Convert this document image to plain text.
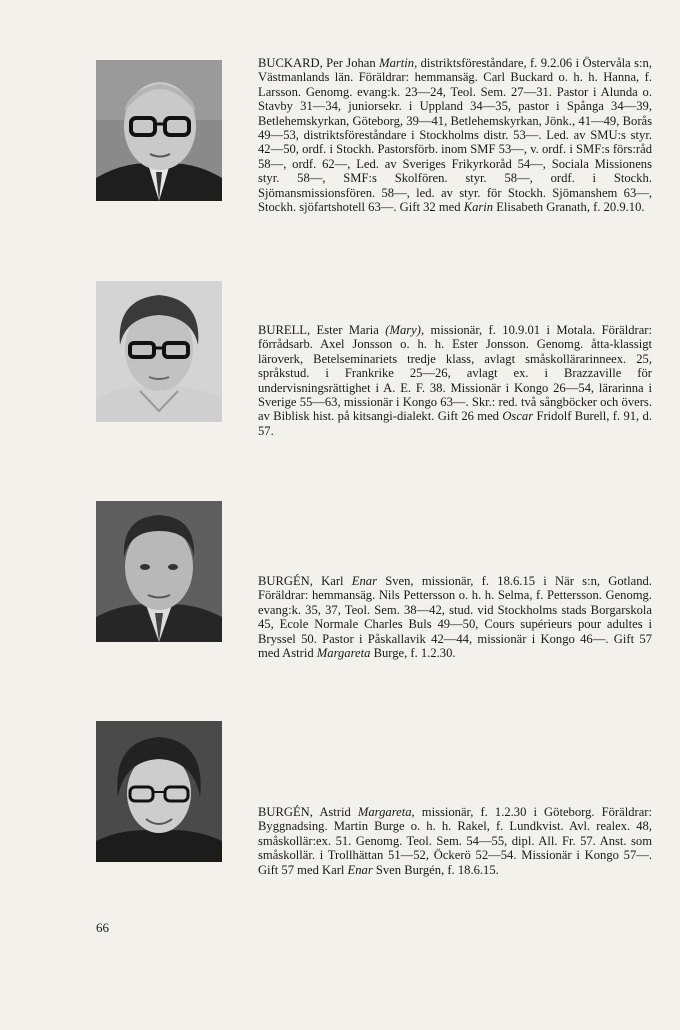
BUCKARD, Per Johan Martin, distriktsföreståndare, f. 9.2.06 i Östervåla s:n, Västmanlands län. Föräldrar: hemmansäg. Carl Buckard o. h. h. Hanna, f. Larsson. Genomg. evang:k. 23—24, Teol. Sem. 27—31. Pastor i Alunda o. Stavby 31—34, juniorsekr. i Uppland 34—35, pastor i Spånga 34—39, Betlehemskyrkan, Göteborg, 39—41, Betlehemskyrkan, Jönk., 41—49, Borås 49—53, distriktsföreståndare i Stockholms distr. 53—. Led. av SMU:s styr. 42—50, ordf. i Stockh. Pastorsförb. inom SMF 53—, v. ordf. i SMF:s förs:råd 58—, ordf. 62—, Led. av Sveriges Frikyrkoråd 54—, Sociala Missionens styr. 58—, SMF:s Skolfören. styr. 58—, ordf. i Stockh. Sjömansmissionsfören. 58—, led. av styr. för Stockh. Sjömanshem 63—, Stockh. sjöfartshotell 63—. Gift 32 med Karin Elisabeth Granath, f. 20.9.10.

BURELL, Ester Maria (Mary), missionär, f. 10.9.01 i Motala. Föräldrar: förrådsarb. Axel Jonsson o. h. h. Ester Jonsson. Genomg. åtta-klassigt läroverk, Betelseminariets tredje klass, avlagt småskollärarinneex. 25, språkstud. i Frankrike 25—26, avlagt ex. i Brazzaville för undervisningsrättighet i A. E. F. 38. Missionär i Kongo 26—54, lärarinna i Sverige 55—63, missionär i Kongo 63—. Skr.: red. två sångböcker och övers. av Biblisk hist. på kitsangi-dialekt. Gift 26 med Oscar Fridolf Burell, f. 91, d. 57.

BURGÉN, Karl Enar Sven, missionär, f. 18.6.15 i När s:n, Gotland. Föräldrar: hemmansäg. Nils Pettersson o. h. h. Selma, f. Pettersson. Genomg. evang:k. 35, 37, Teol. Sem. 38—42, stud. vid Stockholms stads Borgarskola 45, Ecole Normale Charles Buls 49—50, Cours supérieurs pour adultes i Bryssel 50. Pastor i Påskallavik 42—44, missionär i Kongo 46—. Gift 57 med Astrid Margareta Burge, f. 1.2.30.

BURGÉN, Astrid Margareta, missionär, f. 1.2.30 i Göteborg. Föräldrar: Byggnadsing. Martin Burge o. h. h. Rakel, f. Lundkvist. Avl. realex. 48, småskollär:ex. 51. Genomg. Teol. Sem. 54—55, dipl. All. Fr. 57. Anst. som småskollär. i Trollhättan 51—52, Öckerö 52—54. Missionär i Kongo 57—. Gift 57 med Karl Enar Sven Burgén, f. 18.6.15.

66
